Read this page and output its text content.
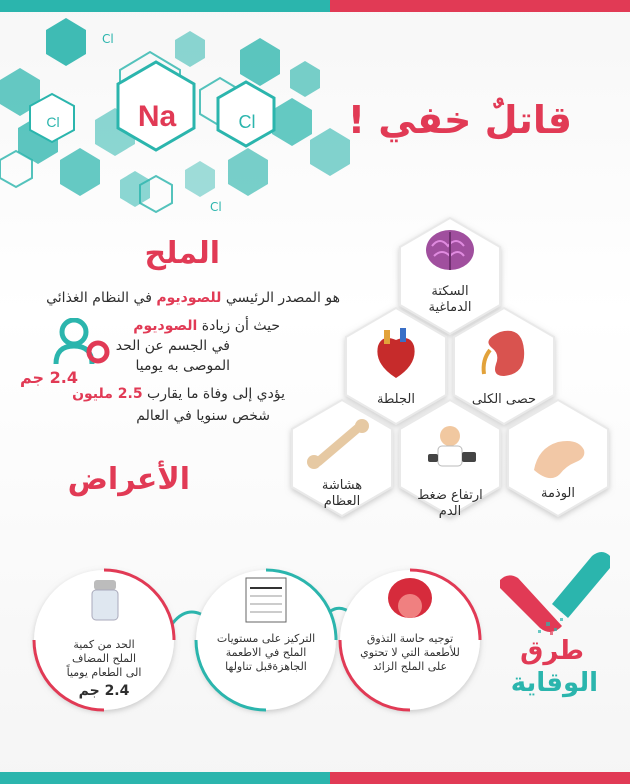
Na	Cl
Cl
Cl
Cl
قاتلٌ خفي !
الملح
هو المصدر الرئيسي للصوديوم في النظام الغذائي
حيث أن زيادة الصوديوم
في الجسم عن الحد
الموصى به يوميا
2.4 جم
يؤدي إلى وفاة ما يقارب 2.5 مليون
شخص سنويا في العالم
الأعراض
السكتة
الدماغية
الجلطة	حصى الكلى
هشاشة
العظام	ارتفاع ضغط
الدم
الوذمة
الحد من كمية
الملح المضاف
الى الطعام يومياً
2.4 جم
التركيز على مستويات
الملح في الاطعمة
الجاهزةقبل تناولها
توجيه حاسة التذوق
للأطعمة التي لا تحتوي
على الملح الزائد
طرق
الوقاية
